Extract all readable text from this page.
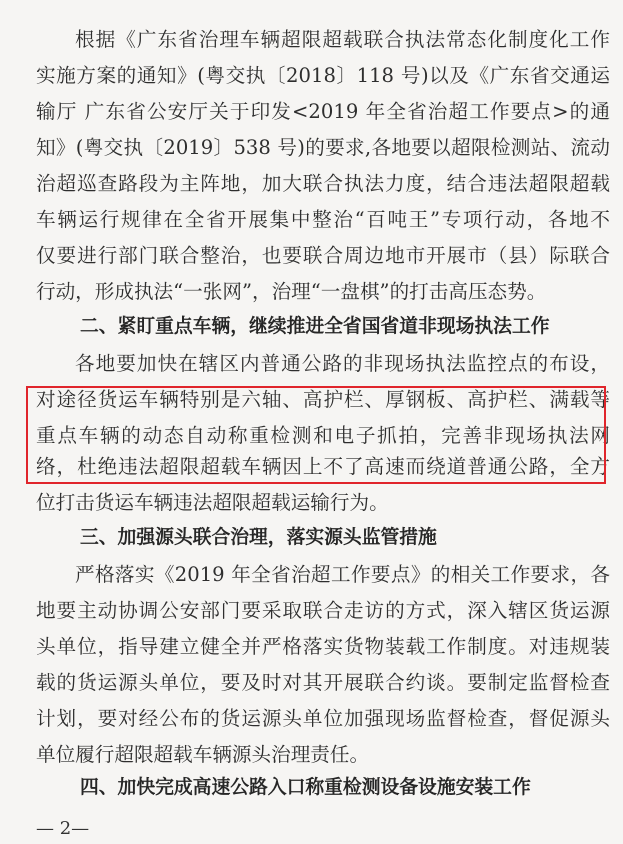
根据《广东省治理车辆超限超载联合执法常态化制度化工作
实施方案的通知》(粤交执〔2018〕118 号)以及《广东省交通运
输厅 广东省公安厅关于印发<2019 年全省治超工作要点>的通
知》(粤交执〔2019〕538 号)的要求,各地要以超限检测站、流动
治超巡查路段为主阵地，加大联合执法力度，结合违法超限超载
车辆运行规律在全省开展集中整治“百吨王”专项行动，各地不
仅要进行部门联合整治，也要联合周边地市开展市（县）际联合
行动，形成执法“一张网”，治理“一盘棋”的打击高压态势。
二、紧盯重点车辆，继续推进全省国省道非现场执法工作
各地要加快在辖区内普通公路的非现场执法监控点的布设，
对途径货运车辆特别是六轴、高护栏、厚钢板、高护栏、满载等
重点车辆的动态自动称重检测和电子抓拍，完善非现场执法网
络，杜绝违法超限超载车辆因上不了高速而绕道普通公路，全方
位打击货运车辆违法超限超载运输行为。
三、加强源头联合治理，落实源头监管措施
严格落实《2019 年全省治超工作要点》的相关工作要求，各
地要主动协调公安部门要采取联合走访的方式，深入辖区货运源
头单位，指导建立健全并严格落实货物装载工作制度。对违规装
载的货运源头单位，要及时对其开展联合约谈。要制定监督检查
计划，要对经公布的货运源头单位加强现场监督检查，督促源头
单位履行超限超载车辆源头治理责任。
四、加快完成高速公路入口称重检测设备设施安装工作
— 2—
